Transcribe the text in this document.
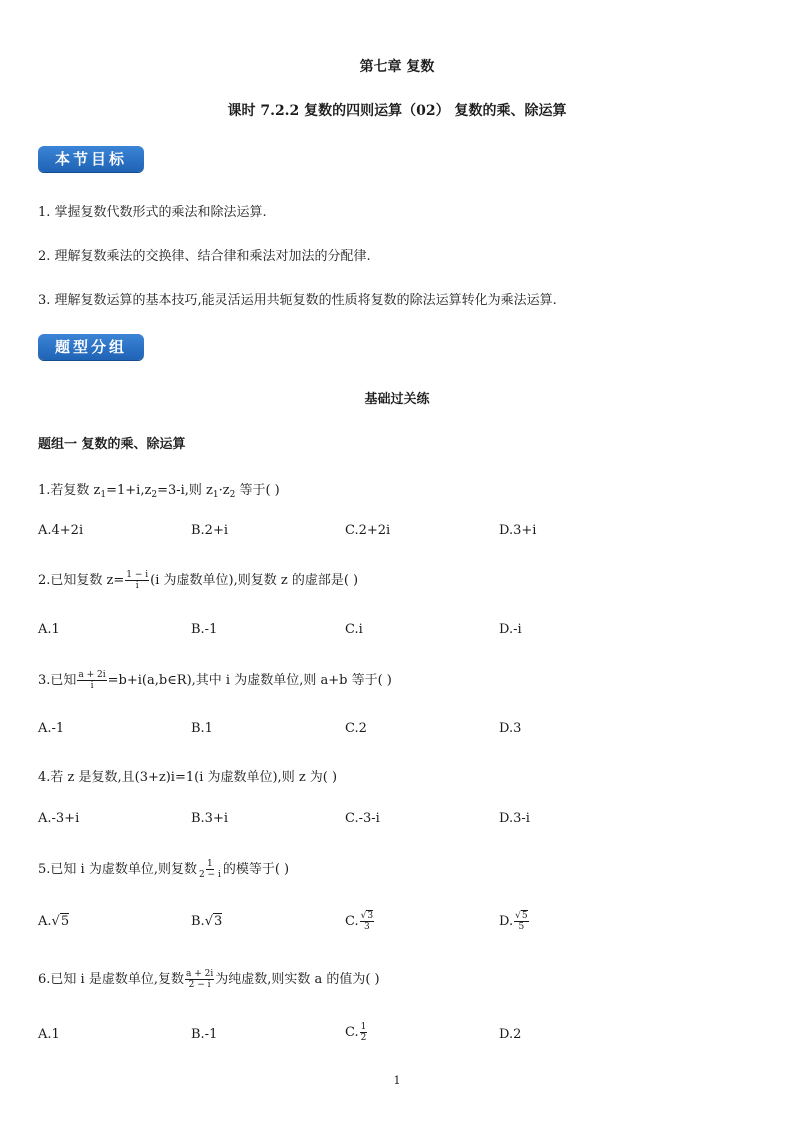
第七章 复数
课时 7.2.2 复数的四则运算（02） 复数的乘、除运算
本节目标
1. 掌握复数代数形式的乘法和除法运算.
2. 理解复数乘法的交换律、结合律和乘法对加法的分配律.
3. 理解复数运算的基本技巧,能灵活运用共轭复数的性质将复数的除法运算转化为乘法运算.
题型分组
基础过关练
题组一 复数的乘、除运算
1.若复数 $z_1=1+i,z_2=3-i$,则 $z_1\cdot z_2$ 等于( )
A.4+2i	B.2+i	C.2+2i	D.3+i
2.已知复数 $z= \frac{1 - i}{i} (i$ 为虚数单位),则复数 z 的虚部是( )
A.1	B.-1	C.i	D.-i
3.已知 $\frac{a + 2i}{i}$ =b+i(a,b∈R),其中 i 为虚数单位,则 a+b 等于( )
A.-1	B.1	C.2	D.3
4.若 z 是复数,且(3+z)i=1(i 为虚数单位),则 z 为( )
A.-3+i	B.3+i	C.-3-i	D.3-i
5.已知 i 为虚数单位,则复数 $\frac{1}{2 - i}$ 的模等于( )
A.√5	B.√3	C. $\frac{√3}{3}$	D. $\frac{√5}{5}$
6.已知 i 是虚数单位,复数 $\frac{a + 2i}{2 - i}$ 为纯虚数,则实数 a 的值为( )
A.1	B.-1	C. $\frac{1}{2}$	D.2
1
